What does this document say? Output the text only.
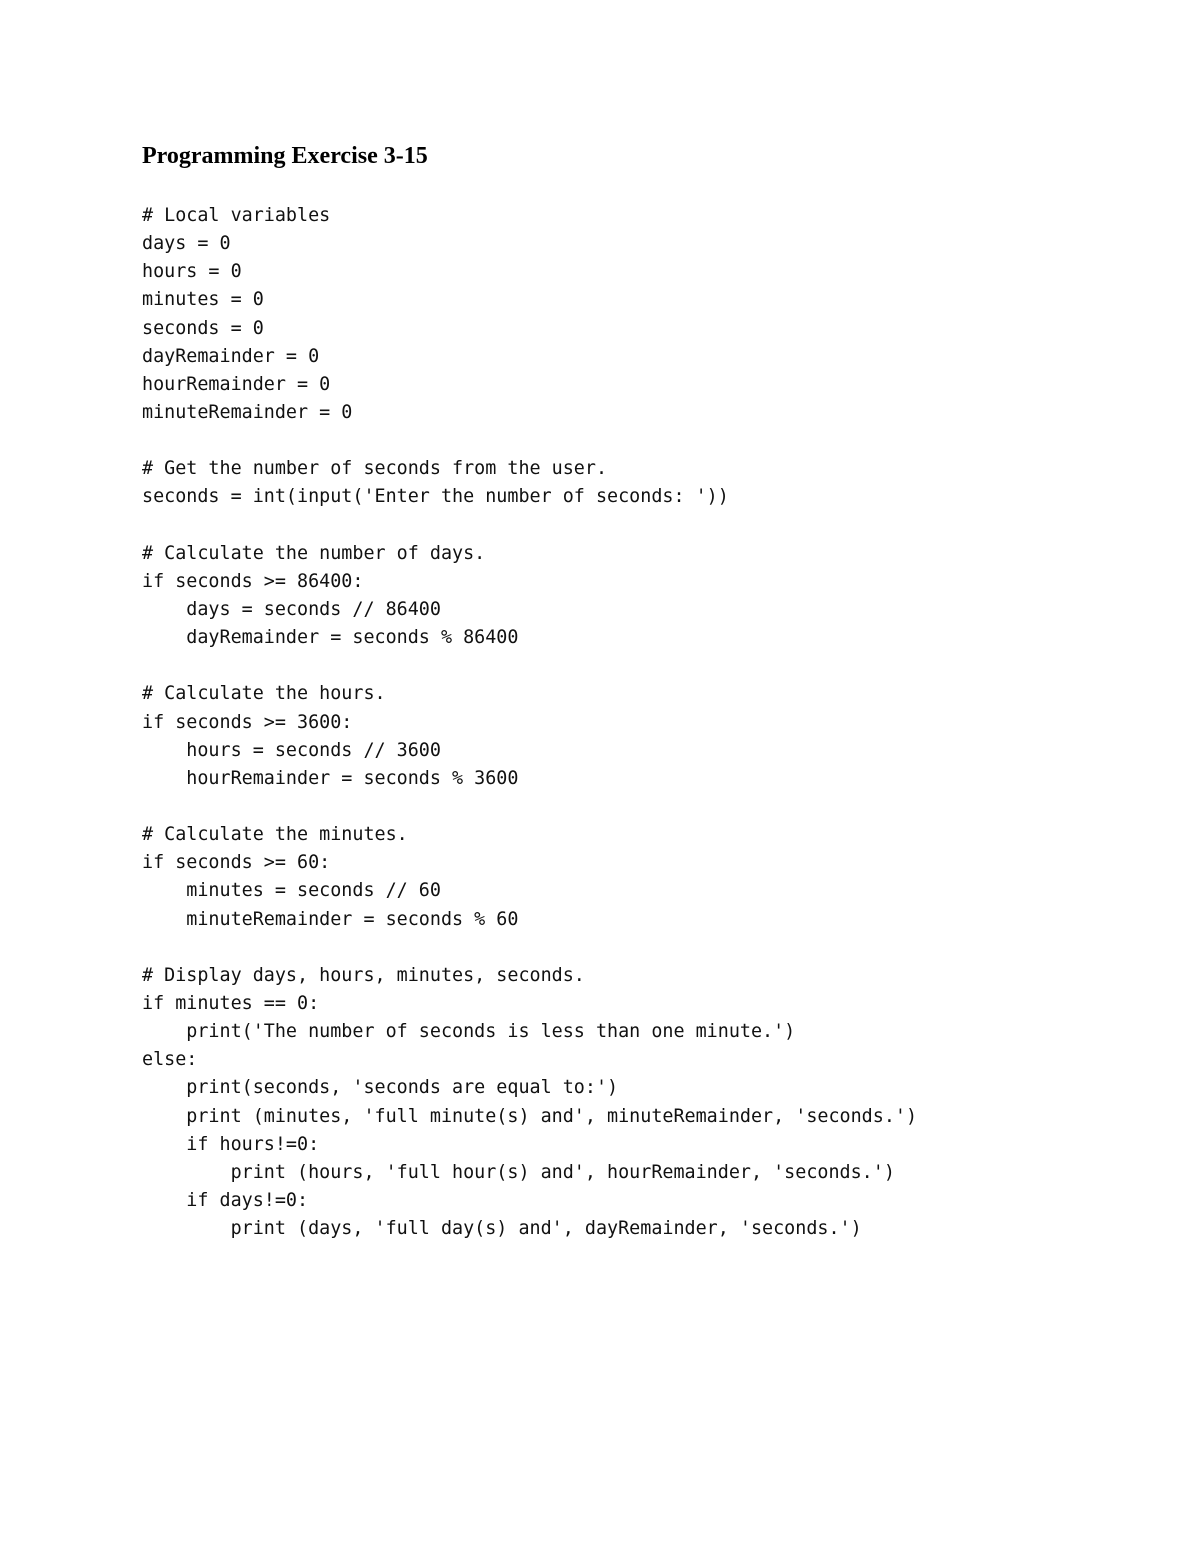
Programming Exercise 3-15
# Local variables
days = 0
hours = 0
minutes = 0
seconds = 0
dayRemainder = 0
hourRemainder = 0
minuteRemainder = 0
# Get the number of seconds from the user.
seconds = int(input('Enter the number of seconds: '))
# Calculate the number of days.
if seconds >= 86400:
days = seconds // 86400
dayRemainder = seconds % 86400
# Calculate the hours.
if seconds >= 3600:
hours = seconds // 3600
hourRemainder = seconds % 3600
# Calculate the minutes.
if seconds >= 60:
minutes = seconds // 60
minuteRemainder = seconds % 60
# Display days, hours, minutes, seconds.
if minutes == 0:
print('The number of seconds is less than one minute.')
else:
print(seconds, 'seconds are equal to:')
print (minutes, 'full minute(s) and', minuteRemainder, 'seconds.')
if hours!=0:
print (hours, 'full hour(s) and', hourRemainder, 'seconds.')
if days!=0:
print (days, 'full day(s) and', dayRemainder, 'seconds.')
